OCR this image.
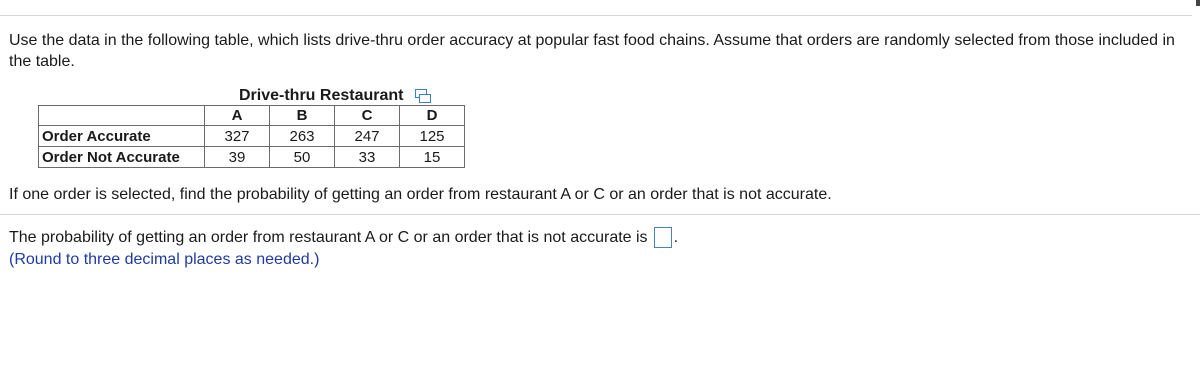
Use the data in the following table, which lists drive-thru order accuracy at popular fast food chains. Assume that orders are randomly selected from those included in the table.

Drive-thru Restaurant
	A	B	C	D
Order Accurate	327	263	247	125
Order Not Accurate	39	50	33	15

If one order is selected, find the probability of getting an order from restaurant A or C or an order that is not accurate.

The probability of getting an order from restaurant A or C or an order that is not accurate is .
(Round to three decimal places as needed.)
